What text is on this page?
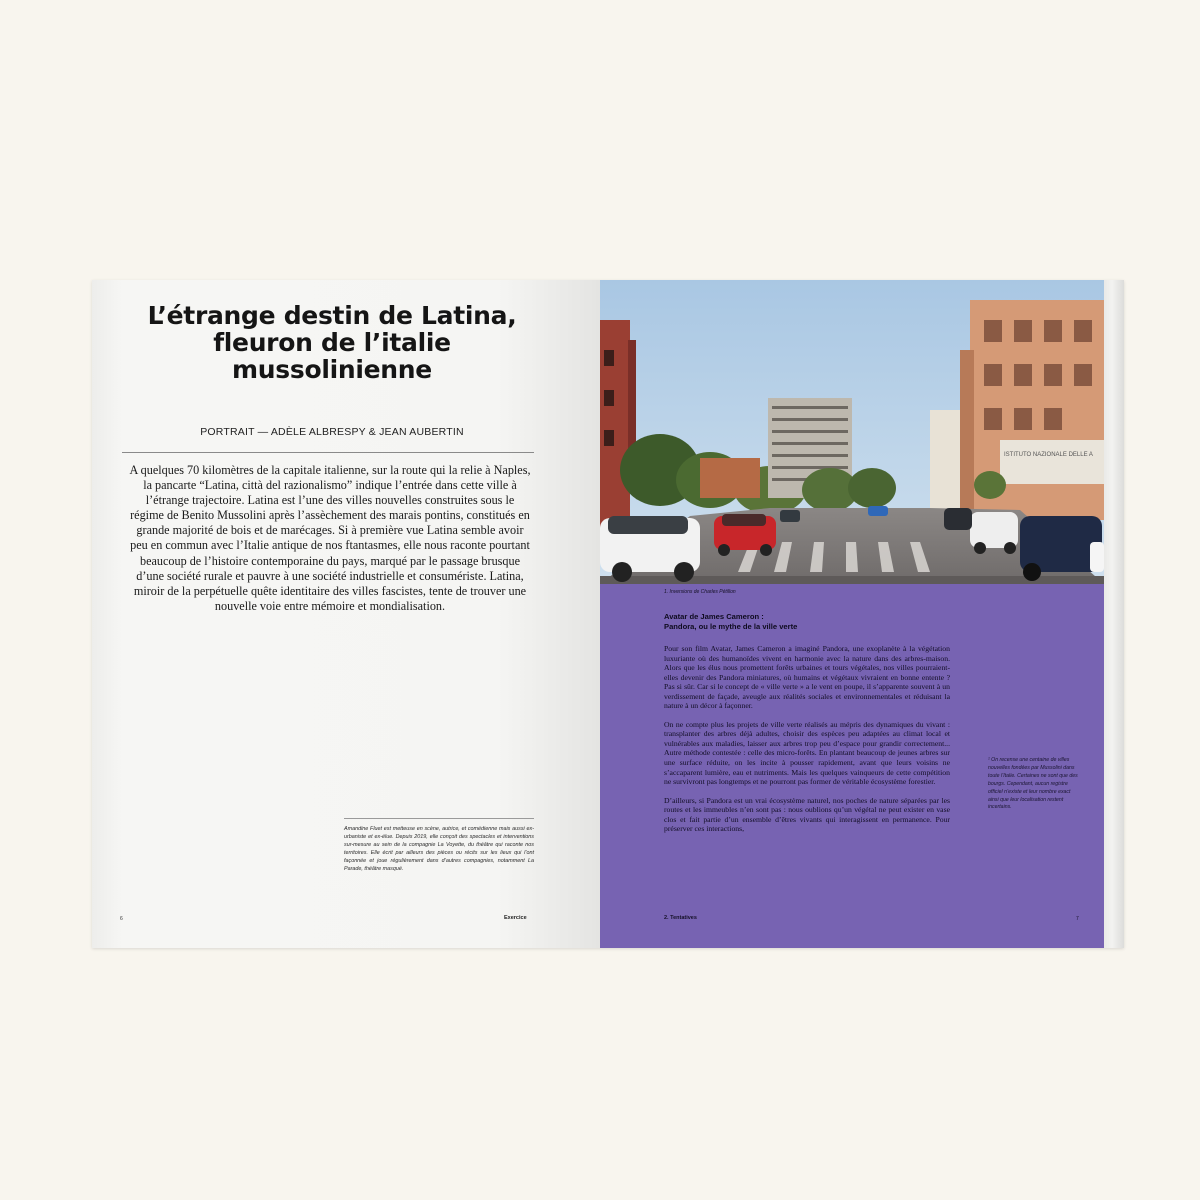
L’étrange destin de Latina, fleuron de l’italie mussolinienne
PORTRAIT — ADÈLE ALBRESPY & JEAN AUBERTIN

A quelques 70 kilomètres de la capitale italienne, sur la route qui la relie à Naples, la pancarte “Latina, città del razionalismo” indique l’entrée dans cette ville à l’étrange trajectoire. Latina est l’une des villes nouvelles construites sous le régime de Benito Mussolini après l’assèchement des marais pontins, constitués en grande majorité de bois et de marécages. Si à première vue Latina semble avoir peu en commun avec l’Italie antique de nos ftantasmes, elle nous raconte pourtant beaucoup de l’histoire contemporaine du pays, marqué par le passage brusque d’une société rurale et pauvre à une société industrielle et consumériste. Latina, miroir de la perpétuelle quête identitaire des villes fascistes, tente de trouver une nouvelle voie entre mémoire et mondialisation.

Amandine Fluet est metteuse en scène, autrice, et comédienne mais aussi ex-urbaniste et ex-élue. Depuis 2019, elle conçoit des spectacles et interventions sur-mesure au sein de la compagnie La Voyette, du théâtre qui raconte nos territoires. Elle écrit par ailleurs des pièces ou récits sur les lieux qui l’ont façonnée et joue régulièrement dans d’autres compagnies, notamment La Parade, théâtre masqué.

6	Exercice
ISTITUTO NAZIONALE DELLE A
1. Inversions de Charles Pétillon
Avatar de James Cameron :
Pandora, ou le mythe de la ville verte

Pour son film Avatar, James Cameron a imaginé Pandora, une exoplanète à la végétation luxuriante où des humanoïdes vivent en harmonie avec la nature dans des arbres-maison. Alors que les élus nous promettent forêts urbaines et tours végétales, nos villes pourraient-elles devenir des Pandora miniatures, où humains et végétaux vivraient en bonne entente ? Pas si sûr. Car si le concept de « ville verte » a le vent en poupe, il s’apparente souvent à un verdissement de façade, aveugle aux réalités sociales et environnementales et réduisant la nature à un décor à façonner.

On ne compte plus les projets de ville verte réalisés au mépris des dynamiques du vivant : transplanter des arbres déjà adultes, choisir des espèces peu adaptées au climat local et vulnérables aux maladies, laisser aux arbres trop peu d’espace pour grandir correctement... Autre méthode contestée : celle des micro-forêts. En plantant beaucoup de jeunes arbres sur une surface réduite, on les incite à pousser rapidement, avant que leurs voisins ne s’accaparent lumière, eau et nutriments. Mais les quelques vainqueurs de cette compétition ne survivront pas longtemps et ne pourront pas former de véritable écosystème forestier.

D’ailleurs, si Pandora est un vrai écosystème naturel, nos poches de nature séparées par les routes et les immeubles n’en sont pas : nous oublions qu’un végétal ne peut exister en vase clos et fait partie d’un ensemble d’êtres vivants qui interagissent en permanence. Pour préserver ces interactions,

¹ On recense une centaine de villes nouvelles fondées par Mussolini dans toute l’Italie. Certaines ne sont que des bourgs. Cependant, aucun registre officiel n’existe et leur nombre exact ainsi que leur localisation restent incertains.

2. Tentatives	7
